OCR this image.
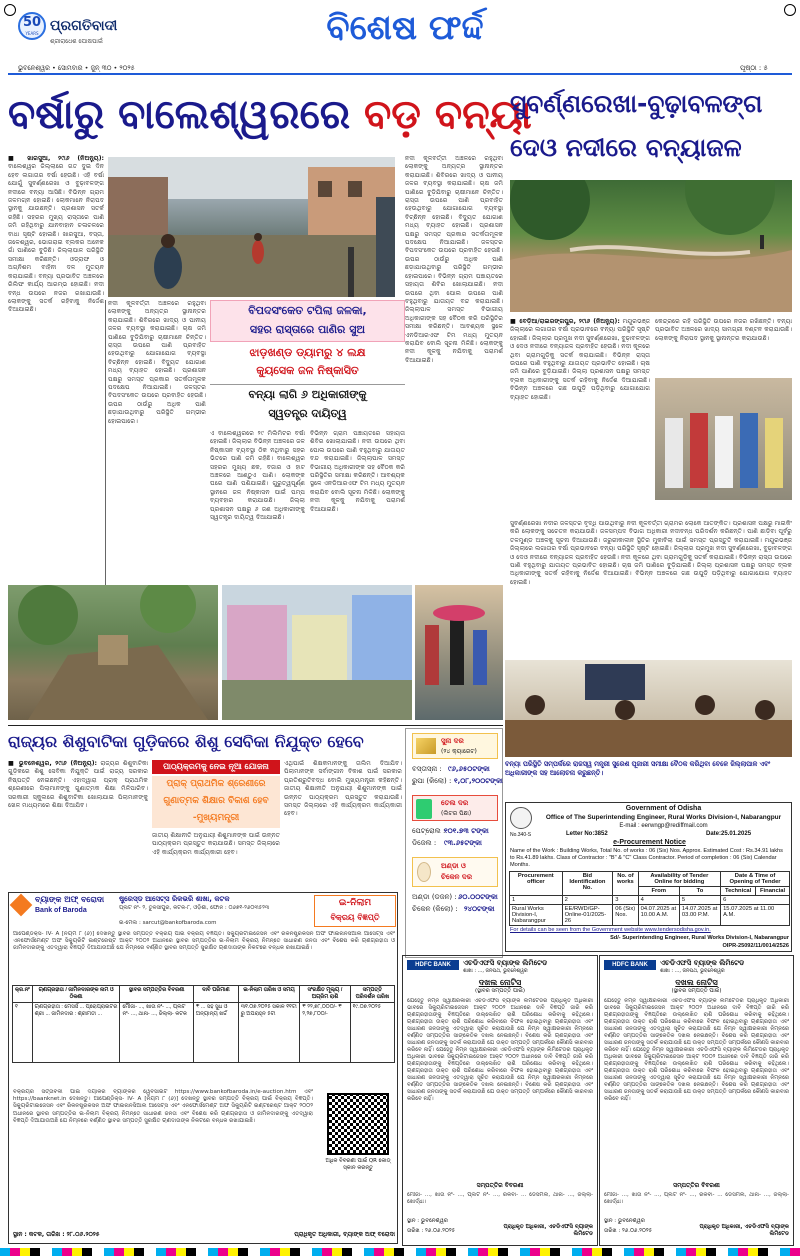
50
YEARS ପ୍ରଗତିବାଦୀ
ଶ୍ରୀରାଧେଶ ଘୋଷପାଇଁ
ଭୁବନେଶ୍ୱର • ସୋମବାର • ଜୁନ୍ ୩୦ • ୨୦୨୫
ବିଶେଷ ଫର୍ଦ୍ଦ
ପୃଷ୍ଠା : ୫
ବର୍ଷାରୁ ବାଲେଶ୍ୱରରେ ବଡ଼ ବନ୍ୟା
■ ଖାରସୁଆ, ୨୯ା୬ (ନିଅନ୍ୟୁ): ବାଲେଶ୍ୱର ଜିଲ୍ଲାରେ ଗତ ଦୁଇ ଦିନ ହେବ ଲଗାତାର ବର୍ଷା ହେଉଛି। ଏହି ବର୍ଷା ଯୋଗୁଁ ସୁବର୍ଣ୍ଣରେଖା ଓ ବୁଢ଼ାବଳଙ୍ଗ ନଦୀରେ ବନ୍ୟା ଆସିଛି। ବିଭିନ୍ନ ଗ୍ରାମ ଜଳମଗ୍ନ ହୋଇଛି। ଲୋକମାନେ ନିରାପଦ ସ୍ଥାନକୁ ଯାଉଛନ୍ତି। ପ୍ରଶାସନ ସତର୍କ ରହିଛି। ସହରର ମୁଖ୍ୟ ରାସ୍ତାରେ ପାଣି ଜମି ରହିଥିବାରୁ ଯାନବାହାନ ଚଳାଚଳରେ ବାଧା ସୃଷ୍ଟି ହୋଇଛି। ଖାରସୁଆ, ବସ୍ତା, ଜଳେଶ୍ୱର, ଭୋଗରାଇ ବ୍ଲକର ଅନେକ ଗାଁ ପାଣିରେ ବୁଡ଼ିଛି। ଜିଲ୍ଲାପାଳ ପରିସ୍ଥିତି ସମୀକ୍ଷା କରିଛନ୍ତି। ଓଡ୍ରାଫ ଓ ଅଗ୍ନିଶମ ବାହିନୀ ଦଳ ମୁତୟନ କରାଯାଇଛି। ବନ୍ୟା ପ୍ରଭାବିତ ଅଞ୍ଚଳରେ ରିଲିଫ କାର୍ଯ୍ୟ ଆରମ୍ଭ ହୋଇଛି। ନଦୀ ବନ୍ଧ ଉପରେ ନଜର ରଖାଯାଉଛି। ଲୋକଙ୍କୁ ସତର୍କ ରହିବାକୁ ନିର୍ଦ୍ଦେଶ ଦିଆଯାଇଛି।
ନଦୀ କୂଳବର୍ତ୍ତୀ ଅଞ୍ଚଳରେ ରହୁଥିବା ଲୋକଙ୍କୁ ଅନ୍ୟତ୍ର ସ୍ଥାନାନ୍ତର କରାଯାଇଛି। ଶିବିରରେ ଖାଦ୍ୟ ଓ ପାନୀୟ ଜଳର ବ୍ୟବସ୍ଥା କରାଯାଇଛି। ଚାଷ ଜମି ପାଣିରେ ବୁଡ଼ିଯିବାରୁ ଚାଷୀମାନେ ଚିନ୍ତିତ। ରାସ୍ତା ଉପରେ ପାଣି ପ୍ରବାହିତ ହେଉଥିବାରୁ ଯୋଗାଯୋଗ ବ୍ୟବସ୍ଥା ବିଚ୍ଛିନ୍ନ ହୋଇଛି। ବିଦ୍ୟୁତ ଯୋଗାଣ ମଧ୍ୟ ବ୍ୟାହତ ହୋଇଛି। ପ୍ରଶାସନ ପକ୍ଷରୁ ସମସ୍ତ ପ୍ରକାର ସତର୍କତାମୂଳକ ପଦକ୍ଷେପ ନିଆଯାଇଛି। ଜଳସ୍ତର ବିପଦସଂକେତ ଉପରେ ପ୍ରବାହିତ ହେଉଛି। ଉପର ଠାଉଁରୁ ଅଧିକ ପାଣି ଛଡ଼ାଯାଉଥିବାରୁ ପରିସ୍ଥିତି ଗମ୍ଭୀର ହୋଇପାରେ।
ବିପଦସଂକେତ ଟପିଲା ଜଳକା,
ସହର ରାସ୍ତାରେ ପାଣିର ସୁଅ
ଝାଡ଼ଖଣ୍ଡ ଡ୍ୟାମରୁ ୪ ଲକ୍ଷ
କ୍ୟୁସେକ ଜଳ ନିଷ୍କାସିତ
ବନ୍ୟା ଲାଗି ୬ ଅଧିକାରୀଙ୍କୁ
ସ୍ୱତନ୍ତ୍ର ଦାୟିତ୍ୱ
ଏ ବାଲେଶ୍ୱରରେ ୨୯ ମିଲିମିଟର ବର୍ଷା ହୋଇଛି। ଜିଲ୍ଲାର ବିଭିନ୍ନ ଅଞ୍ଚଳରେ ଜଳ ନିଷ୍କାସନ ବ୍ୟବସ୍ଥା ଠିକ ନଥିବାରୁ ସହର ଭିତରେ ପାଣି ଜମି ରହିଛି। ବାଲେଶ୍ୱର ସହରର ମୁଖ୍ୟ ଛକ, ବଜାର ଓ ହାଟ ଅଞ୍ଚଳରେ ଆଣ୍ଠୁଏ ପାଣି। ଲୋକଙ୍କ ଘରେ ପାଣି ପଶିଯାଇଛି। ଗୁରୁତ୍ୱପୂର୍ଣ୍ଣ ସ୍ଥାନରେ ଜଳ ନିଷ୍କାସନ ପାଇଁ ପମ୍ପ ବ୍ୟବହାର କରାଯାଉଛି। ଜିଲ୍ଲା ପ୍ରଶାସନ ପକ୍ଷରୁ ୬ ଜଣ ଅଧିକାରୀଙ୍କୁ ସ୍ୱତନ୍ତ୍ର ଦାୟିତ୍ୱ ଦିଆଯାଇଛି।
ବିଭିନ୍ନ ଗ୍ରାମ ପଞ୍ଚାୟତରେ ସହାୟତା ଶିବିର ଖୋଲାଯାଇଛି। ନଦୀ ଉପରେ ଥିବା ପୋଲ ଉପରେ ପାଣି ବହୁଥିବାରୁ ଯାତାୟତ ବନ୍ଦ କରାଯାଇଛି। ଜିଲ୍ଲାପାଳ ସମସ୍ତ ବିଭାଗୀୟ ଅଧିକାରୀଙ୍କ ସହ ବୈଠକ କରି ପରିସ୍ଥିତିର ସମୀକ୍ଷା କରିଛନ୍ତି। ଆବଶ୍ୟକ ସ୍ଥଳେ ଏନଡିଆରଏଫ ଟିମ ମଧ୍ୟ ମୁତୟନ କରାଯିବ ବୋଲି ସୂଚନା ମିଳିଛି। ଲୋକଙ୍କୁ ନଦୀ କୂଳକୁ ନଯିବାକୁ ପରାମର୍ଶ ଦିଆଯାଇଛି।
ନଦୀ କୂଳବର୍ତ୍ତୀ ଅଞ୍ଚଳରେ ରହୁଥିବା ଲୋକଙ୍କୁ ଅନ୍ୟତ୍ର ସ୍ଥାନାନ୍ତର କରାଯାଇଛି। ଶିବିରରେ ଖାଦ୍ୟ ଓ ପାନୀୟ ଜଳର ବ୍ୟବସ୍ଥା କରାଯାଇଛି। ଚାଷ ଜମି ପାଣିରେ ବୁଡ଼ିଯିବାରୁ ଚାଷୀମାନେ ଚିନ୍ତିତ। ରାସ୍ତା ଉପରେ ପାଣି ପ୍ରବାହିତ ହେଉଥିବାରୁ ଯୋଗାଯୋଗ ବ୍ୟବସ୍ଥା ବିଚ୍ଛିନ୍ନ ହୋଇଛି। ବିଦ୍ୟୁତ ଯୋଗାଣ ମଧ୍ୟ ବ୍ୟାହତ ହୋଇଛି। ପ୍ରଶାସନ ପକ୍ଷରୁ ସମସ୍ତ ପ୍ରକାର ସତର୍କତାମୂଳକ ପଦକ୍ଷେପ ନିଆଯାଇଛି। ଜଳସ୍ତର ବିପଦସଂକେତ ଉପରେ ପ୍ରବାହିତ ହେଉଛି। ଉପର ଠାଉଁରୁ ଅଧିକ ପାଣି ଛଡ଼ାଯାଉଥିବାରୁ ପରିସ୍ଥିତି ଗମ୍ଭୀର ହୋଇପାରେ। ବିଭିନ୍ନ ଗ୍ରାମ ପଞ୍ଚାୟତରେ ସହାୟତା ଶିବିର ଖୋଲାଯାଇଛି। ନଦୀ ଉପରେ ଥିବା ପୋଲ ଉପରେ ପାଣି ବହୁଥିବାରୁ ଯାତାୟତ ବନ୍ଦ କରାଯାଇଛି। ଜିଲ୍ଲାପାଳ ସମସ୍ତ ବିଭାଗୀୟ ଅଧିକାରୀଙ୍କ ସହ ବୈଠକ କରି ପରିସ୍ଥିତିର ସମୀକ୍ଷା କରିଛନ୍ତି। ଆବଶ୍ୟକ ସ୍ଥଳେ ଏନଡିଆରଏଫ ଟିମ ମଧ୍ୟ ମୁତୟନ କରାଯିବ ବୋଲି ସୂଚନା ମିଳିଛି। ଲୋକଙ୍କୁ ନଦୀ କୂଳକୁ ନଯିବାକୁ ପରାମର୍ଶ ଦିଆଯାଇଛି।
ସୁବର୍ଣ୍ଣରେଖା-ବୁଢ଼ାବଳଙ୍ଗ
ଦେଓ ନଦୀରେ ବନ୍ୟାଜଳ
■ ବେଡ଼ିଆ/ରାଇରଙ୍ଗପୁର, ୨୯ା୬ (ନିଅନ୍ୟୁ): ମୟୂରଭଞ୍ଜ ଜିଲ୍ଲାରେ ଲଗାତାର ବର୍ଷା ପ୍ରଭାବରେ ବନ୍ୟା ପରିସ୍ଥିତି ସୃଷ୍ଟି ହୋଇଛି। ଜିଲ୍ଲାର ପ୍ରମୁଖ ନଦୀ ସୁବର୍ଣ୍ଣରେଖା, ବୁଢ଼ାବଳଙ୍ଗ ଓ ଦେଓ ନଦୀରେ ବନ୍ୟାଜଳ ପ୍ରବାହିତ ହେଉଛି। ନଦୀ କୂଳରେ ଥିବା ଗ୍ରାମଗୁଡ଼ିକୁ ସତର୍କ କରାଯାଇଛି। ବିଭିନ୍ନ ରାସ୍ତା ଉପରେ ପାଣି ବହୁଥିବାରୁ ଯାତାୟତ ପ୍ରଭାବିତ ହୋଇଛି। ଚାଷ ଜମି ପାଣିରେ ବୁଡ଼ିଯାଇଛି। ଜିଲ୍ଲା ପ୍ରଶାସନ ପକ୍ଷରୁ ସମସ୍ତ ବ୍ଲକ ଅଧିକାରୀଙ୍କୁ ସତର୍କ ରହିବାକୁ ନିର୍ଦ୍ଦେଶ ଦିଆଯାଇଛି। ବିଭିନ୍ନ ଅଞ୍ଚଳରେ ଗଛ ଉପୁଡ଼ି ପଡ଼ିଥିବାରୁ ଯୋଗାଯୋଗ ବ୍ୟାହତ ହୋଇଛି।
କେନ୍ଦ୍ରରେ ରହି ପରିସ୍ଥିତି ଉପରେ ନଜର ରଖିଛନ୍ତି। ବନ୍ୟା ପ୍ରଭାବିତ ଅଞ୍ଚଳରେ ଖାଦ୍ୟ ସାମଗ୍ରୀ ବଣ୍ଟନ କରାଯାଉଛି। ଲୋକଙ୍କୁ ନିରାପଦ ସ୍ଥାନକୁ ସ୍ଥାନାନ୍ତର କରାଯାଉଛି।
ସୁବର୍ଣ୍ଣରେଖା ନଦୀର ଜଳସ୍ତର ବୃଦ୍ଧି ପାଉଥିବାରୁ ନଦୀ କୂଳବର୍ତ୍ତୀ ଗ୍ରାମର ଲୋକେ ଆତଙ୍କିତ। ପ୍ରଶାସନ ପକ୍ଷରୁ ମାଇକିଂ କରି ଲୋକଙ୍କୁ ସଚେତନ କରାଯାଉଛି। ଜଳସମ୍ପଦ ବିଭାଗ ଅଧିକାରୀ ନଦୀବନ୍ଧ ପରିଦର୍ଶନ କରିଛନ୍ତି। ପାଣି ଛାଡ଼ିବା ପୂର୍ବରୁ ତଳମୁଣ୍ଡ ଅଞ୍ଚଳକୁ ସୂଚନା ଦିଆଯାଉଛି। ଜରୁରୀକାଳୀନ ସ୍ଥିତିର ମୁକାବିଲା ପାଇଁ ସମସ୍ତ ପ୍ରସ୍ତୁତି କରାଯାଇଛି। ମୟୂରଭଞ୍ଜ ଜିଲ୍ଲାରେ ଲଗାତାର ବର୍ଷା ପ୍ରଭାବରେ ବନ୍ୟା ପରିସ୍ଥିତି ସୃଷ୍ଟି ହୋଇଛି। ଜିଲ୍ଲାର ପ୍ରମୁଖ ନଦୀ ସୁବର୍ଣ୍ଣରେଖା, ବୁଢ଼ାବଳଙ୍ଗ ଓ ଦେଓ ନଦୀରେ ବନ୍ୟାଜଳ ପ୍ରବାହିତ ହେଉଛି। ନଦୀ କୂଳରେ ଥିବା ଗ୍ରାମଗୁଡ଼ିକୁ ସତର୍କ କରାଯାଇଛି। ବିଭିନ୍ନ ରାସ୍ତା ଉପରେ ପାଣି ବହୁଥିବାରୁ ଯାତାୟତ ପ୍ରଭାବିତ ହୋଇଛି। ଚାଷ ଜମି ପାଣିରେ ବୁଡ଼ିଯାଇଛି। ଜିଲ୍ଲା ପ୍ରଶାସନ ପକ୍ଷରୁ ସମସ୍ତ ବ୍ଲକ ଅଧିକାରୀଙ୍କୁ ସତର୍କ ରହିବାକୁ ନିର୍ଦ୍ଦେଶ ଦିଆଯାଇଛି। ବିଭିନ୍ନ ଅଞ୍ଚଳରେ ଗଛ ଉପୁଡ଼ି ପଡ଼ିଥିବାରୁ ଯୋଗାଯୋଗ ବ୍ୟାହତ ହୋଇଛି।
ବନ୍ୟା ପରିସ୍ଥିତି ସମ୍ପର୍କରେ ରାଜସ୍ୱ ମନ୍ତ୍ରୀ ସୁରେଶ ପୂଜାରୀ ସମୀକ୍ଷା ବୈଠକ କରିଥିବା ବେଳେ ଜିଲ୍ଲାପାଳ ଏବଂ ଅଧିକାରୀଙ୍କ ସହ ଆଲୋଚନା କରୁଛନ୍ତି।
ରାଜ୍ୟର ଶିଶୁବାଟିକା ଗୁଡ଼ିକରେ ଶିଶୁ ସେବିକା ନିଯୁକ୍ତ ହେବେ	ସୁନା ଦର
(୨୪ କ୍ୟାରେଟ)
ବସ୍ତାସ୍ନା : ୯୬,୬୫୦ଟଙ୍କା
ରୁପା (କିଲୋ) : ୧,୦୮,୨୦୦ଟଙ୍କା
ତେଲ ଦର
(ଲିଟର ପିଛା)
ପେଟ୍ରୋଲ :
୧୦୧.୭୩ ଟଙ୍କା
ଡିଜେଲ : ୯୩.୬୫ଟଙ୍କା
ଅଣ୍ଡା ଓ
ଚିକେନ ଦର
ଅଣ୍ଡା (ଡଜନ) : ୬୦.୦୦ଟଙ୍କା
ଚିକେନ (କିଲୋ) : ୨୪୦ଟଙ୍କା
■ ଭୁବନେଶ୍ୱର, ୨୯ା୬ (ନିଅନ୍ୟୁ): ରାଜ୍ୟର ଶିଶୁବାଟିକା ଗୁଡ଼ିକରେ ଶିଶୁ ସେବିକା ନିଯୁକ୍ତି ପାଇଁ ରାଜ୍ୟ ସରକାର ନିଷ୍ପତ୍ତି ନେଇଛନ୍ତି। ଏହାଦ୍ୱାରା ପ୍ରାକ୍ ପ୍ରାଥମିକ ଶ୍ରେଣୀରେ ପିଲାମାନଙ୍କୁ ଗୁଣାତ୍ମକ ଶିକ୍ଷା ମିଳିପାରିବ। ସରକାରୀ ସ୍କୁଲରେ ଶିଶୁବାଟିକା ଖୋଲାଯାଇ ପିଲାମାନଙ୍କୁ ଖେଳ ମାଧ୍ୟମରେ ଶିକ୍ଷା ଦିଆଯିବ।
ପାଠ୍ୟକ୍ରମକୁ ନେଇ ନୂଆ ଯୋଜନା
ପ୍ରାକ୍ ପ୍ରାଥମିକ ଶ୍ରେଣୀରେ
ଗୁଣାତ୍ମକ ଶିକ୍ଷାର ବିକାଶ ହେବ
-ମୁଖ୍ୟମନ୍ତ୍ରୀ
ଜାତୀୟ ଶିକ୍ଷାନୀତି ଅନୁଯାୟୀ ଶିଶୁମାନଙ୍କ ପାଇଁ ଉନ୍ନତ ପାଠ୍ୟକ୍ରମ ପ୍ରସ୍ତୁତ କରାଯାଉଛି। ସମସ୍ତ ଜିଲ୍ଲାରେ ଏହି କାର୍ଯ୍ୟକ୍ରମ କାର୍ଯ୍ୟକାରୀ ହେବ।
ଏଥିପାଇଁ ଶିକ୍ଷକମାନଙ୍କୁ ତାଲିମ ଦିଆଯିବ। ପିଲାମାନଙ୍କ ସର୍ବାଙ୍ଗୀନ ବିକାଶ ପାଇଁ ସରକାର ପ୍ରତିଶ୍ରୁତିବଦ୍ଧ ବୋଲି ମୁଖ୍ୟମନ୍ତ୍ରୀ କହିଛନ୍ତି। ଜାତୀୟ ଶିକ୍ଷାନୀତି ଅନୁଯାୟୀ ଶିଶୁମାନଙ୍କ ପାଇଁ ଉନ୍ନତ ପାଠ୍ୟକ୍ରମ ପ୍ରସ୍ତୁତ କରାଯାଉଛି। ସମସ୍ତ ଜିଲ୍ଲାରେ ଏହି କାର୍ଯ୍ୟକ୍ରମ କାର୍ଯ୍ୟକାରୀ ହେବ।
Government of Odisha
Office of The Superintending Engineer, Rural Works Division-I, Nabarangpur
E-mail : eerwngp@rediffmail.com
No.340-S	Letter No:3852	Date:25.01.2025
e-Procurement Notice
Name of the Work : Building Works, Total No. of works : 06 (Six) Nos. Approx. Estimated Cost : Rs.34.91 lakhs to Rs.41.89 lakhs. Class of Contractor : "B" & "C" Class Contractor. Period of completion : 06 (Six) Calendar Months.
Procurement officer	Bid Identification No.	No. of works	Availability of Tender Online for bidding		Date & Time of Opening of Tender	
			From	To	Technical	Financial
1	2	3	4	5	6	
Rural Works Division-I, Nabarangpur	EE/RWD/GP-Online-01/2025-26	06 (Six) Nos.	04.07.2025 at 10.00 A.M.	14.07.2025 at 03.00 P.M.	15.07.2025 at 11.00 A.M.	
For details can be seen from the Government website www.tendersodisha.gov.in.
Sd/- Superintending Engineer, Rural Works Division-I, Nabarangpur
OIPR-25092/11/0014/2526
ବ୍ୟାଙ୍କ ଅଫ୍ ବରୋଦା
Bank of Baroda
ଷ୍ଟ୍ରେସ୍ଡ ଆସେଟ୍ସ ରିକଭରି ଶାଖା, କଟକ
ପ୍ଲଟ ନଂ- ୨, ତୁଳସୀପୁର, କଟକ-୮, ଓଡ଼ିଶା, ଫୋନ : ୦୬୭୧-୨୬୦୩୫୨୩
ଇ-ମେଲ : sarcut@bankofbaroda.com
ଇ-ନିଲାମ
ବିକ୍ରୟ ବିଜ୍ଞପ୍ତି
ଆପେଣ୍ଡିକ୍ସ- IV- A [ନିୟମ ୮ (୬)] ଦେଖନ୍ତୁ ସ୍ଥାବର ସମ୍ପତ୍ତି ବିକ୍ରୟ ପାଇଁ ବିକ୍ରୟ ବିଜ୍ଞପ୍ତି। ସିକ୍ୟୁରିଟାଇଜେସନ ଏବଂ ରିକନଷ୍ଟ୍ରକସନ ଅଫ ଫାଇନାନସିଆଲ ଆସେଟ୍ସ ଏବଂ ଏନଫୋର୍ସମେଣ୍ଟ ଅଫ ସିକ୍ୟୁରିଟି ଇଣ୍ଟରେଷ୍ଟ ଆକ୍ଟ ୨୦୦୨ ଅଧୀନରେ ସ୍ଥାବର ସମ୍ପତ୍ତିର ଇ-ନିଲାମ ବିକ୍ରୟ ନିମନ୍ତେ ସାଧାରଣ ଜନତା ଏବଂ ବିଶେଷ କରି ଋଣଗ୍ରହୀତା ଓ ଜାମିନଦାରଙ୍କୁ ଏତଦ୍ୱାରା ବିଜ୍ଞପ୍ତି ଦିଆଯାଉଅଛି ଯେ ନିମ୍ନରେ ବର୍ଣ୍ଣିତ ସ୍ଥାବର ସମ୍ପତ୍ତି ସୁରକ୍ଷିତ ଋଣଦାତାଙ୍କ ନିକଟରେ ବନ୍ଧକ ରଖାଯାଇଛି।
କ୍ର.ନଂ	ଋଣଗ୍ରହୀତା / ଜାମିନଦାରଙ୍କ ନାମ ଓ ଠିକଣା	ସ୍ଥାବର ସମ୍ପତ୍ତିର ବିବରଣୀ	ଦାବି ପରିମାଣ	ଇ-ନିଲାମ ତାରିଖ ଓ ସମୟ	ସଂରକ୍ଷିତ ମୂଲ୍ୟ / ଅଗ୍ରିମ ରାଶି	ସମ୍ପତ୍ତି ପରିଦର୍ଶନ ତାରିଖ
୧	ଋଣଗ୍ରହୀତା : ମେସର୍ସ ... ପ୍ରୋପ୍ରାଇଟର ଶ୍ରୀ ... ଜାମିନଦାର : ଶ୍ରୀମତୀ ...	ମୌଜା- ..., ଖାତା ନଂ- ..., ପ୍ଲଟ ନଂ- ..., ଥାନା- ..., ଜିଲ୍ଲା- କଟକ	₹ ... ସହ ସୁଧ ଓ ଅନ୍ୟାନ୍ୟ ଖର୍ଚ୍ଚ	୩୧.୦୭.୨୦୨୫ ସକାଳ ୧୧ଟା ରୁ ଅପରାହ୍ନ ୫ଟା	₹ ୨୨,୭୮,୦୦୦/- ₹ ୨,୨୭,୮୦୦/-	୧୯.୦୭.୨୦୨୫
ବିକ୍ରୟର ସର୍ତ୍ତାବଳୀ ପାଇଁ ଦୟାକରି ବ୍ୟାଙ୍କର ୱେବସାଇଟ https://www.bankofbaroda.in/e-auction.htm ଏବଂ https://baanknet.in ଦେଖନ୍ତୁ। ଆପେଣ୍ଡିକ୍ସ- IV- A [ନିୟମ ୮ (୬)] ଦେଖନ୍ତୁ ସ୍ଥାବର ସମ୍ପତ୍ତି ବିକ୍ରୟ ପାଇଁ ବିକ୍ରୟ ବିଜ୍ଞପ୍ତି। ସିକ୍ୟୁରିଟାଇଜେସନ ଏବଂ ରିକନଷ୍ଟ୍ରକସନ ଅଫ ଫାଇନାନସିଆଲ ଆସେଟ୍ସ ଏବଂ ଏନଫୋର୍ସମେଣ୍ଟ ଅଫ ସିକ୍ୟୁରିଟି ଇଣ୍ଟରେଷ୍ଟ ଆକ୍ଟ ୨୦୦୨ ଅଧୀନରେ ସ୍ଥାବର ସମ୍ପତ୍ତିର ଇ-ନିଲାମ ବିକ୍ରୟ ନିମନ୍ତେ ସାଧାରଣ ଜନତା ଏବଂ ବିଶେଷ କରି ଋଣଗ୍ରହୀତା ଓ ଜାମିନଦାରଙ୍କୁ ଏତଦ୍ୱାରା ବିଜ୍ଞପ୍ତି ଦିଆଯାଉଅଛି ଯେ ନିମ୍ନରେ ବର୍ଣ୍ଣିତ ସ୍ଥାବର ସମ୍ପତ୍ତି ସୁରକ୍ଷିତ ଋଣଦାତାଙ୍କ ନିକଟରେ ବନ୍ଧକ ରଖାଯାଇଛି।
ଅଧିକ ବିବରଣୀ ପାଇଁ QR କୋଡ୍ ସ୍କାନ କରନ୍ତୁ
ସ୍ଥାନ : କଟକ, ତାରିଖ : ୨୮.୦୬.୨୦୨୫	ପ୍ରାଧିକୃତ ଅଧିକାରୀ, ବ୍ୟାଙ୍କ ଅଫ୍ ବରୋଦା
HDFC BANK	ଏଚଡିଏଫସି ବ୍ୟାଙ୍କ ଲିମିଟେଡ
ଶାଖା : ..., ଜନପଥ, ଭୁବନେଶ୍ୱର
ଦଖଲ ନୋଟିସ
(ସ୍ଥାବର ସମ୍ପତ୍ତି ପାଇଁ)
ଯେହେତୁ ନିମ୍ନ ସ୍ୱାକ୍ଷରକାରୀ ଏଚଡିଏଫସି ବ୍ୟାଙ୍କ ଲିମିଟେଡର ପ୍ରାଧିକୃତ ଅଧିକାରୀ ଭାବରେ ସିକ୍ୟୁରିଟାଇଜେସନ ଆକ୍ଟ ୨୦୦୨ ଅଧୀନରେ ଦାବି ବିଜ୍ଞପ୍ତି ଜାରି କରି ଋଣଗ୍ରହୀତାଙ୍କୁ ବିଜ୍ଞପ୍ତିରେ ଉଲ୍ଲେଖିତ ରାଶି ପରିଶୋଧ କରିବାକୁ କହିଥିଲେ। ଋଣଗ୍ରହୀତା ଉକ୍ତ ରାଶି ପରିଶୋଧ କରିବାରେ ବିଫଳ ହୋଇଥିବାରୁ ଋଣଗ୍ରହୀତା ଏବଂ ସାଧାରଣ ଜନତାଙ୍କୁ ଏତଦ୍ୱାରା ସୂଚିତ କରାଯାଉଛି ଯେ ନିମ୍ନ ସ୍ୱାକ୍ଷରକାରୀ ନିମ୍ନରେ ବର୍ଣ୍ଣିତ ସମ୍ପତ୍ତିର ସାଙ୍କେତିକ ଦଖଲ ନେଇଛନ୍ତି। ବିଶେଷ କରି ଋଣଗ୍ରହୀତା ଏବଂ ସାଧାରଣ ଜନତାଙ୍କୁ ସତର୍କ କରାଯାଉଛି ଯେ ଉକ୍ତ ସମ୍ପତ୍ତି ସମ୍ପର୍କରେ କୌଣସି କାରବାର କରିବେ ନାହିଁ। ଯେହେତୁ ନିମ୍ନ ସ୍ୱାକ୍ଷରକାରୀ ଏଚଡିଏଫସି ବ୍ୟାଙ୍କ ଲିମିଟେଡର ପ୍ରାଧିକୃତ ଅଧିକାରୀ ଭାବରେ ସିକ୍ୟୁରିଟାଇଜେସନ ଆକ୍ଟ ୨୦୦୨ ଅଧୀନରେ ଦାବି ବିଜ୍ଞପ୍ତି ଜାରି କରି ଋଣଗ୍ରହୀତାଙ୍କୁ ବିଜ୍ଞପ୍ତିରେ ଉଲ୍ଲେଖିତ ରାଶି ପରିଶୋଧ କରିବାକୁ କହିଥିଲେ। ଋଣଗ୍ରହୀତା ଉକ୍ତ ରାଶି ପରିଶୋଧ କରିବାରେ ବିଫଳ ହୋଇଥିବାରୁ ଋଣଗ୍ରହୀତା ଏବଂ ସାଧାରଣ ଜନତାଙ୍କୁ ଏତଦ୍ୱାରା ସୂଚିତ କରାଯାଉଛି ଯେ ନିମ୍ନ ସ୍ୱାକ୍ଷରକାରୀ ନିମ୍ନରେ ବର୍ଣ୍ଣିତ ସମ୍ପତ୍ତିର ସାଙ୍କେତିକ ଦଖଲ ନେଇଛନ୍ତି। ବିଶେଷ କରି ଋଣଗ୍ରହୀତା ଏବଂ ସାଧାରଣ ଜନତାଙ୍କୁ ସତର୍କ କରାଯାଉଛି ଯେ ଉକ୍ତ ସମ୍ପତ୍ତି ସମ୍ପର୍କରେ କୌଣସି କାରବାର କରିବେ ନାହିଁ।
ସମ୍ପତ୍ତିର ବିବରଣୀ
ମୌଜା- ..., ଖାତା ନଂ- ..., ପ୍ଲଟ ନଂ- ..., ରକବା- ... ଡେସିମିଲ, ଥାନା- ..., ଜିଲ୍ଲା- ଖୋର୍ଦ୍ଧା।
ସ୍ଥାନ : ଭୁବନେଶ୍ୱର
ତାରିଖ : ୨୬.୦୬.୨୦୨୫
ପ୍ରାଧିକୃତ ଅଧିକାରୀ, ଏଚଡିଏଫସି ବ୍ୟାଙ୍କ ଲିମିଟେଡ
HDFC BANK	ଏଚଡିଏଫସି ବ୍ୟାଙ୍କ ଲିମିଟେଡ
ଶାଖା : ..., ଜନପଥ, ଭୁବନେଶ୍ୱର
ଦଖଲ ନୋଟିସ
(ସ୍ଥାବର ସମ୍ପତ୍ତି ପାଇଁ)
ଯେହେତୁ ନିମ୍ନ ସ୍ୱାକ୍ଷରକାରୀ ଏଚଡିଏଫସି ବ୍ୟାଙ୍କ ଲିମିଟେଡର ପ୍ରାଧିକୃତ ଅଧିକାରୀ ଭାବରେ ସିକ୍ୟୁରିଟାଇଜେସନ ଆକ୍ଟ ୨୦୦୨ ଅଧୀନରେ ଦାବି ବିଜ୍ଞପ୍ତି ଜାରି କରି ଋଣଗ୍ରହୀତାଙ୍କୁ ବିଜ୍ଞପ୍ତିରେ ଉଲ୍ଲେଖିତ ରାଶି ପରିଶୋଧ କରିବାକୁ କହିଥିଲେ। ଋଣଗ୍ରହୀତା ଉକ୍ତ ରାଶି ପରିଶୋଧ କରିବାରେ ବିଫଳ ହୋଇଥିବାରୁ ଋଣଗ୍ରହୀତା ଏବଂ ସାଧାରଣ ଜନତାଙ୍କୁ ଏତଦ୍ୱାରା ସୂଚିତ କରାଯାଉଛି ଯେ ନିମ୍ନ ସ୍ୱାକ୍ଷରକାରୀ ନିମ୍ନରେ ବର୍ଣ୍ଣିତ ସମ୍ପତ୍ତିର ସାଙ୍କେତିକ ଦଖଲ ନେଇଛନ୍ତି। ବିଶେଷ କରି ଋଣଗ୍ରହୀତା ଏବଂ ସାଧାରଣ ଜନତାଙ୍କୁ ସତର୍କ କରାଯାଉଛି ଯେ ଉକ୍ତ ସମ୍ପତ୍ତି ସମ୍ପର୍କରେ କୌଣସି କାରବାର କରିବେ ନାହିଁ। ଯେହେତୁ ନିମ୍ନ ସ୍ୱାକ୍ଷରକାରୀ ଏଚଡିଏଫସି ବ୍ୟାଙ୍କ ଲିମିଟେଡର ପ୍ରାଧିକୃତ ଅଧିକାରୀ ଭାବରେ ସିକ୍ୟୁରିଟାଇଜେସନ ଆକ୍ଟ ୨୦୦୨ ଅଧୀନରେ ଦାବି ବିଜ୍ଞପ୍ତି ଜାରି କରି ଋଣଗ୍ରହୀତାଙ୍କୁ ବିଜ୍ଞପ୍ତିରେ ଉଲ୍ଲେଖିତ ରାଶି ପରିଶୋଧ କରିବାକୁ କହିଥିଲେ। ଋଣଗ୍ରହୀତା ଉକ୍ତ ରାଶି ପରିଶୋଧ କରିବାରେ ବିଫଳ ହୋଇଥିବାରୁ ଋଣଗ୍ରହୀତା ଏବଂ ସାଧାରଣ ଜନତାଙ୍କୁ ଏତଦ୍ୱାରା ସୂଚିତ କରାଯାଉଛି ଯେ ନିମ୍ନ ସ୍ୱାକ୍ଷରକାରୀ ନିମ୍ନରେ ବର୍ଣ୍ଣିତ ସମ୍ପତ୍ତିର ସାଙ୍କେତିକ ଦଖଲ ନେଇଛନ୍ତି। ବିଶେଷ କରି ଋଣଗ୍ରହୀତା ଏବଂ ସାଧାରଣ ଜନତାଙ୍କୁ ସତର୍କ କରାଯାଉଛି ଯେ ଉକ୍ତ ସମ୍ପତ୍ତି ସମ୍ପର୍କରେ କୌଣସି କାରବାର କରିବେ ନାହିଁ।
ସମ୍ପତ୍ତିର ବିବରଣୀ
ମୌଜା- ..., ଖାତା ନଂ- ..., ପ୍ଲଟ ନଂ- ..., ରକବା- ... ଡେସିମିଲ, ଥାନା- ..., ଜିଲ୍ଲା- ଖୋର୍ଦ୍ଧା।
ସ୍ଥାନ : ଭୁବନେଶ୍ୱର
ତାରିଖ : ୨୬.୦୬.୨୦୨୫
ପ୍ରାଧିକୃତ ଅଧିକାରୀ, ଏଚଡିଏଫସି ବ୍ୟାଙ୍କ ଲିମିଟେଡ
